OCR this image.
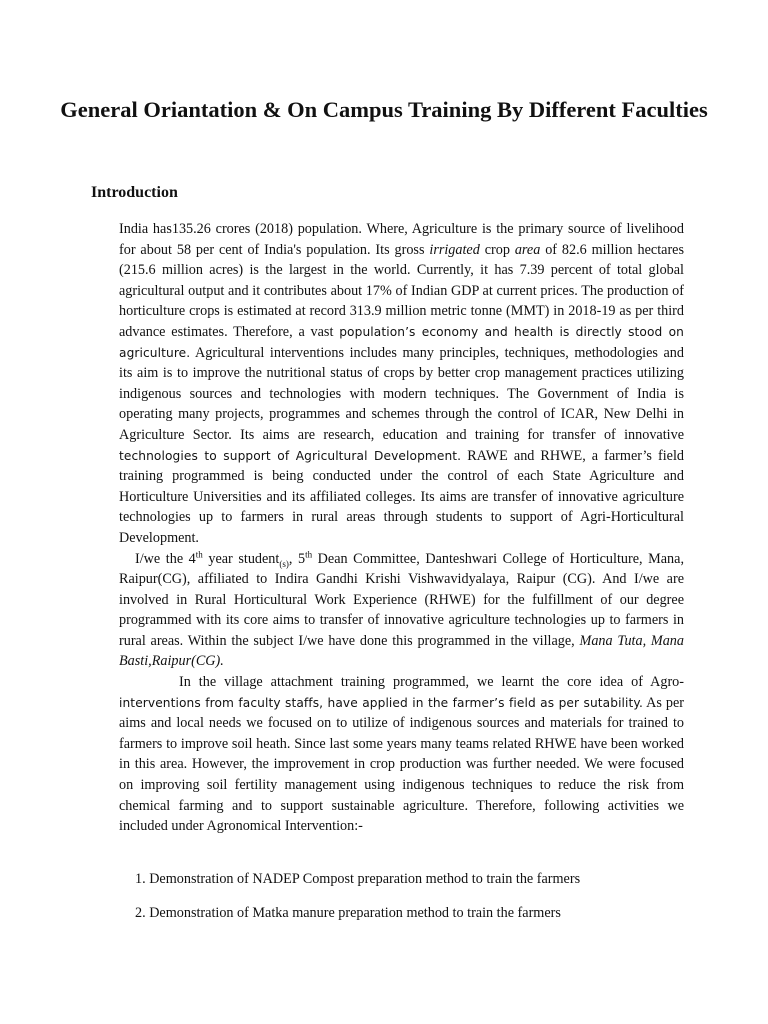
General Oriantation & On Campus Training By Different Faculties
Introduction

India has135.26 crores (2018) population. Where, Agriculture is the primary source of livelihood for about 58 per cent of India's population. Its gross irrigated crop area of 82.6 million hectares (215.6 million acres) is the largest in the world. Currently, it has 7.39 percent of total global agricultural output and it contributes about 17% of Indian GDP at current prices. The production of horticulture crops is estimated at record 313.9 million metric tonne (MMT) in 2018-19 as per third advance estimates. Therefore, a vast population’s economy and health is directly stood on agriculture. Agricultural interventions includes many principles, techniques, methodologies and its aim is to improve the nutritional status of crops by better crop management practices utilizing indigenous sources and technologies with modern techniques. The Government of India is operating many projects, programmes and schemes through the control of ICAR, New Delhi in Agriculture Sector. Its aims are research, education and training for transfer of innovative technologies to support of Agricultural Development. RAWE and RHWE, a farmer’s field training programmed is being conducted under the control of each State Agriculture and Horticulture Universities and its affiliated colleges. Its aims are transfer of innovative agriculture technologies up to farmers in rural areas through students to support of Agri-Horticultural Development.

I/we the 4th year student$_{(s)}$, 5th Dean Committee, Danteshwari College of Horticulture, Mana, Raipur(CG), affiliated to Indira Gandhi Krishi Vishwavidyalaya, Raipur (CG). And I/we are involved in Rural Horticultural Work Experience (RHWE) for the fulfillment of our degree programmed with its core aims to transfer of innovative agriculture technologies up to farmers in rural areas. Within the subject I/we have done this programmed in the village, Mana Tuta, Mana Basti,Raipur(CG).

In the village attachment training programmed, we learnt the core idea of Agro- interventions from faculty staffs, have applied in the farmer’s field as per sutability. As per aims and local needs we focused on to utilize of indigenous sources and materials for trained to farmers to improve soil heath. Since last some years many teams related RHWE have been worked in this area. However, the improvement in crop production was further needed. We were focused on improving soil fertility management using indigenous techniques to reduce the risk from chemical farming and to support sustainable agriculture. Therefore, following activities we included under Agronomical Intervention:-

1. Demonstration of NADEP Compost preparation method to train the farmers
2. Demonstration of Matka manure preparation method to train the farmers
